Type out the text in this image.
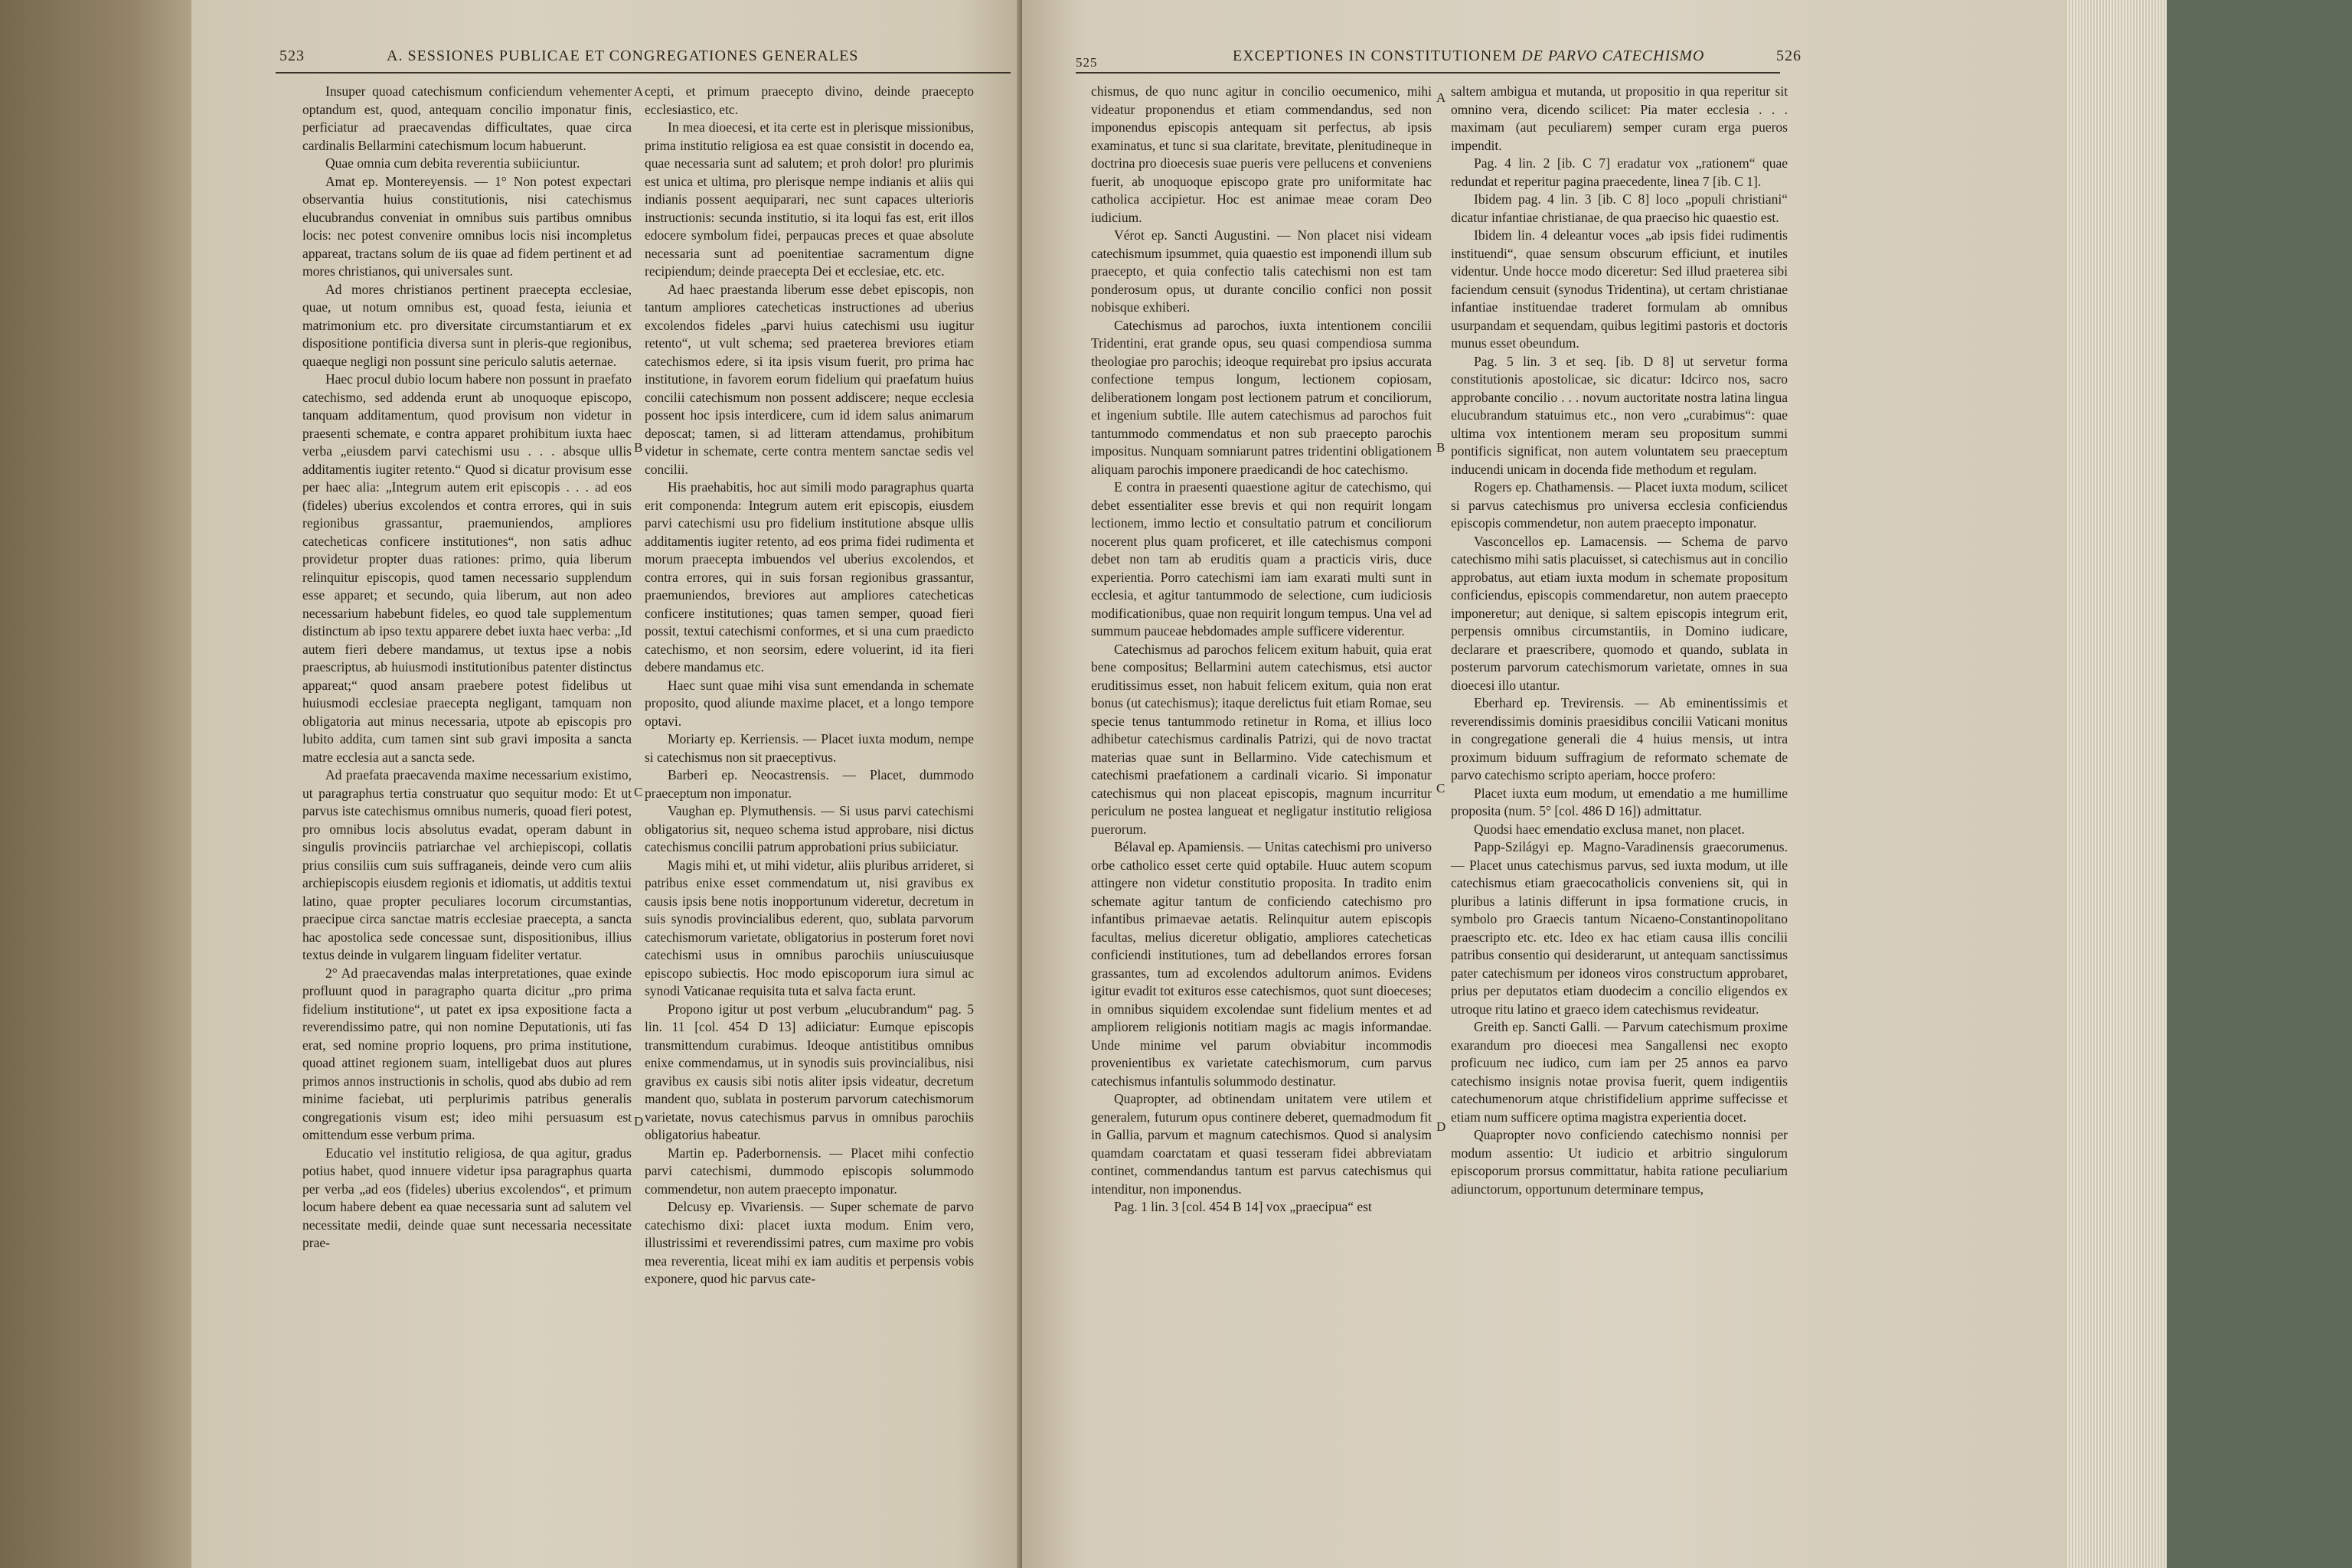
523	A. SESSIONES PUBLICAE ET CONGREGATIONES GENERALES

Insuper quoad catechismum conficiendum vehementer optandum est, quod, antequam concilio imponatur finis, perficiatur ad praecavendas difficultates, quae circa cardinalis Bellarmini catechismum locum habuerunt.

Quae omnia cum debita reverentia subiiciuntur.

Amat ep. Montereyensis. — 1° Non potest expectari observantia huius constitutionis, nisi catechismus elucubrandus conveniat in omnibus suis partibus omnibus locis: nec potest convenire omnibus locis nisi incompletus appareat, tractans solum de iis quae ad fidem pertinent et ad mores christianos, qui universales sunt.

Ad mores christianos pertinent praecepta ecclesiae, quae, ut notum omnibus est, quoad festa, ieiunia et matrimonium etc. pro diversitate circumstantiarum et ex dispositione pontificia diversa sunt in pleris-que regionibus, quaeque negligi non possunt sine periculo salutis aeternae.

Haec procul dubio locum habere non possunt in praefato catechismo, sed addenda erunt ab unoquoque episcopo, tanquam additamentum, quod provisum non videtur in praesenti schemate, e contra apparet prohibitum iuxta haec verba „eiusdem parvi catechismi usu . . . absque ullis additamentis iugiter retento.“ Quod si dicatur provisum esse per haec alia: „Integrum autem erit episcopis . . . ad eos (fideles) uberius excolendos et contra errores, qui in suis regionibus grassantur, praemuniendos, ampliores catecheticas conficere institutiones“, non satis adhuc providetur propter duas rationes: primo, quia liberum relinquitur episcopis, quod tamen necessario supplendum esse apparet; et secundo, quia liberum, aut non adeo necessarium habebunt fideles, eo quod tale supplementum distinctum ab ipso textu apparere debet iuxta haec verba: „Id autem fieri debere mandamus, ut textus ipse a nobis praescriptus, ab huiusmodi institutionibus patenter distinctus appareat;“ quod ansam praebere potest fidelibus ut huiusmodi ecclesiae praecepta negligant, tamquam non obligatoria aut minus necessaria, utpote ab episcopis pro lubito addita, cum tamen sint sub gravi imposita a sancta matre ecclesia aut a sancta sede.

Ad praefata praecavenda maxime necessarium existimo, ut paragraphus tertia construatur quo sequitur modo: Et ut parvus iste catechismus omnibus numeris, quoad fieri potest, pro omnibus locis absolutus evadat, operam dabunt in singulis provinciis patriarchae vel archiepiscopi, collatis prius consiliis cum suis suffraganeis, deinde vero cum aliis archiepiscopis eiusdem regionis et idiomatis, ut additis textui latino, quae propter peculiares locorum circumstantias, praecipue circa sanctae matris ecclesiae praecepta, a sancta hac apostolica sede concessae sunt, dispositionibus, illius textus deinde in vulgarem linguam fideliter vertatur.

2° Ad praecavendas malas interpretationes, quae exinde profluunt quod in paragrapho quarta dicitur „pro prima fidelium institutione“, ut patet ex ipsa expositione facta a reverendissimo patre, qui non nomine Deputationis, uti fas erat, sed nomine proprio loquens, pro prima institutione, quoad attinet regionem suam, intelligebat duos aut plures primos annos instructionis in scholis, quod abs dubio ad rem minime faciebat, uti perplurimis patribus generalis congregationis visum est; ideo mihi persuasum est omittendum esse verbum prima.

Educatio vel institutio religiosa, de qua agitur, gradus potius habet, quod innuere videtur ipsa paragraphus quarta per verba „ad eos (fideles) uberius excolendos“, et primum locum habere debent ea quae necessaria sunt ad salutem vel necessitate medii, deinde quae sunt necessaria necessitate prae-

cepti, et primum praecepto divino, deinde praecepto ecclesiastico, etc.

In mea dioecesi, et ita certe est in plerisque missionibus, prima institutio religiosa ea est quae consistit in docendo ea, quae necessaria sunt ad salutem; et proh dolor! pro plurimis est unica et ultima, pro plerisque nempe indianis et aliis qui indianis possent aequiparari, nec sunt capaces ulterioris instructionis: secunda institutio, si ita loqui fas est, erit illos edocere symbolum fidei, perpaucas preces et quae absolute necessaria sunt ad poenitentiae sacramentum digne recipiendum; deinde praecepta Dei et ecclesiae, etc. etc.

Ad haec praestanda liberum esse debet episcopis, non tantum ampliores catecheticas instructiones ad uberius excolendos fideles „parvi huius catechismi usu iugitur retento“, ut vult schema; sed praeterea breviores etiam catechismos edere, si ita ipsis visum fuerit, pro prima hac institutione, in favorem eorum fidelium qui praefatum huius concilii catechismum non possent addiscere; neque ecclesia possent hoc ipsis interdicere, cum id idem salus animarum deposcat; tamen, si ad litteram attendamus, prohibitum videtur in schemate, certe contra mentem sanctae sedis vel concilii.

His praehabitis, hoc aut simili modo paragraphus quarta erit componenda: Integrum autem erit episcopis, eiusdem parvi catechismi usu pro fidelium institutione absque ullis additamentis iugiter retento, ad eos prima fidei rudimenta et morum praecepta imbuendos vel uberius excolendos, et contra errores, qui in suis forsan regionibus grassantur, praemuniendos, breviores aut ampliores catecheticas conficere institutiones; quas tamen semper, quoad fieri possit, textui catechismi conformes, et si una cum praedicto catechismo, et non seorsim, edere voluerint, id ita fieri debere mandamus etc.

Haec sunt quae mihi visa sunt emendanda in schemate proposito, quod aliunde maxime placet, et a longo tempore optavi.

Moriarty ep. Kerriensis. — Placet iuxta modum, nempe si catechismus non sit praeceptivus.

Barberi ep. Neocastrensis. — Placet, dummodo praeceptum non imponatur.

Vaughan ep. Plymuthensis. — Si usus parvi catechismi obligatorius sit, nequeo schema istud approbare, nisi dictus catechismus concilii patrum approbationi prius subiiciatur.

Magis mihi et, ut mihi videtur, aliis pluribus arrideret, si patribus enixe esset commendatum ut, nisi gravibus ex causis ipsis bene notis inopportunum videretur, decretum in suis synodis provincialibus ederent, quo, sublata parvorum catechismorum varietate, obligatorius in posterum foret novi catechismi usus in omnibus parochiis uniuscuiusque episcopo subiectis. Hoc modo episcoporum iura simul ac synodi Vaticanae requisita tuta et salva facta erunt.

Propono igitur ut post verbum „elucubrandum“ pag. 5 lin. 11 [col. 454 D 13] adiiciatur: Eumque episcopis transmittendum curabimus. Ideoque antistitibus omnibus enixe commendamus, ut in synodis suis provincialibus, nisi gravibus ex causis sibi notis aliter ipsis videatur, decretum mandent quo, sublata in posterum parvorum catechismorum varietate, novus catechismus parvus in omnibus parochiis obligatorius habeatur.

Martin ep. Paderbornensis. — Placet mihi confectio parvi catechismi, dummodo episcopis solummodo commendetur, non autem praecepto imponatur.

Delcusy ep. Vivariensis. — Super schemate de parvo catechismo dixi: placet iuxta modum. Enim vero, illustrissimi et reverendissimi patres, cum maxime pro vobis mea reverentia, liceat mihi ex iam auditis et perpensis vobis exponere, quod hic parvus cate-

A
B
C
D
525	EXCEPTIONES IN CONSTITUTIONEM DE PARVO CATECHISMO	526

chismus, de quo nunc agitur in concilio oecumenico, mihi videatur proponendus et etiam commendandus, sed non imponendus episcopis antequam sit perfectus, ab ipsis examinatus, et tunc si sua claritate, brevitate, plenitudineque in doctrina pro dioecesis suae pueris vere pellucens et conveniens fuerit, ab unoquoque episcopo grate pro uniformitate hac catholica accipietur. Hoc est animae meae coram Deo iudicium.

Vérot ep. Sancti Augustini. — Non placet nisi videam catechismum ipsummet, quia quaestio est imponendi illum sub praecepto, et quia confectio talis catechismi non est tam ponderosum opus, ut durante concilio confici non possit nobisque exhiberi.

Catechismus ad parochos, iuxta intentionem concilii Tridentini, erat grande opus, seu quasi compendiosa summa theologiae pro parochis; ideoque requirebat pro ipsius accurata confectione tempus longum, lectionem copiosam, deliberationem longam post lectionem patrum et conciliorum, et ingenium subtile. Ille autem catechismus ad parochos fuit tantummodo commendatus et non sub praecepto parochis impositus. Nunquam somniarunt patres tridentini obligationem aliquam parochis imponere praedicandi de hoc catechismo.

E contra in praesenti quaestione agitur de catechismo, qui debet essentialiter esse brevis et qui non requirit longam lectionem, immo lectio et consultatio patrum et conciliorum nocerent plus quam proficeret, et ille catechismus componi debet non tam ab eruditis quam a practicis viris, duce experientia. Porro catechismi iam iam exarati multi sunt in ecclesia, et agitur tantummodo de selectione, cum iudiciosis modificationibus, quae non requirit longum tempus. Una vel ad summum pauceae hebdomades ample sufficere viderentur.

Catechismus ad parochos felicem exitum habuit, quia erat bene compositus; Bellarmini autem catechismus, etsi auctor eruditissimus esset, non habuit felicem exitum, quia non erat bonus (ut catechismus); itaque derelictus fuit etiam Romae, seu specie tenus tantummodo retinetur in Roma, et illius loco adhibetur catechismus cardinalis Patrizi, qui de novo tractat materias quae sunt in Bellarmino. Vide catechismum et catechismi praefationem a cardinali vicario. Si imponatur catechismus qui non placeat episcopis, magnum incurritur periculum ne postea langueat et negligatur institutio religiosa puerorum.

Bélaval ep. Apamiensis. — Unitas catechismi pro universo orbe catholico esset certe quid optabile. Huuc autem scopum attingere non videtur constitutio proposita. In tradito enim schemate agitur tantum de conficiendo catechismo pro infantibus primaevae aetatis. Relinquitur autem episcopis facultas, melius diceretur obligatio, ampliores catecheticas conficiendi institutiones, tum ad debellandos errores forsan grassantes, tum ad excolendos adultorum animos. Evidens igitur evadit tot exituros esse catechismos, quot sunt dioeceses; in omnibus siquidem excolendae sunt fidelium mentes et ad ampliorem religionis notitiam magis ac magis informandae. Unde minime vel parum obviabitur incommodis provenientibus ex varietate catechismorum, cum parvus catechismus infantulis solummodo destinatur.

Quapropter, ad obtinendam unitatem vere utilem et generalem, futurum opus continere deberet, quemadmodum fit in Gallia, parvum et magnum catechismos. Quod si analysim quamdam coarctatam et quasi tesseram fidei abbreviatam continet, commendandus tantum est parvus catechismus qui intenditur, non imponendus.

Pag. 1 lin. 3 [col. 454 B 14] vox „praecipua“ est

saltem ambigua et mutanda, ut propositio in qua reperitur sit omnino vera, dicendo scilicet: Pia mater ecclesia . . . maximam (aut peculiarem) semper curam erga pueros impendit.

Pag. 4 lin. 2 [ib. C 7] eradatur vox „rationem“ quae redundat et reperitur pagina praecedente, linea 7 [ib. C 1].

Ibidem pag. 4 lin. 3 [ib. C 8] loco „populi christiani“ dicatur infantiae christianae, de qua praeciso hic quaestio est.

Ibidem lin. 4 deleantur voces „ab ipsis fidei rudimentis instituendi“, quae sensum obscurum efficiunt, et inutiles videntur. Unde hocce modo diceretur: Sed illud praeterea sibi faciendum censuit (synodus Tridentina), ut certam christianae infantiae instituendae traderet formulam ab omnibus usurpandam et sequendam, quibus legitimi pastoris et doctoris munus esset obeundum.

Pag. 5 lin. 3 et seq. [ib. D 8] ut servetur forma constitutionis apostolicae, sic dicatur: Idcirco nos, sacro approbante concilio . . . novum auctoritate nostra latina lingua elucubrandum statuimus etc., non vero „curabimus“: quae ultima vox intentionem meram seu propositum summi pontificis significat, non autem voluntatem seu praeceptum inducendi unicam in docenda fide methodum et regulam.

Rogers ep. Chathamensis. — Placet iuxta modum, scilicet si parvus catechismus pro universa ecclesia conficiendus episcopis commendetur, non autem praecepto imponatur.

Vasconcellos ep. Lamacensis. — Schema de parvo catechismo mihi satis placuisset, si catechismus aut in concilio approbatus, aut etiam iuxta modum in schemate propositum conficiendus, episcopis commendaretur, non autem praecepto imponeretur; aut denique, si saltem episcopis integrum erit, perpensis omnibus circumstantiis, in Domino iudicare, declarare et praescribere, quomodo et quando, sublata in posterum parvorum catechismorum varietate, omnes in sua dioecesi illo utantur.

Eberhard ep. Trevirensis. — Ab eminentissimis et reverendissimis dominis praesidibus concilii Vaticani monitus in congregatione generali die 4 huius mensis, ut intra proximum biduum suffragium de reformato schemate de parvo catechismo scripto aperiam, hocce profero:

Placet iuxta eum modum, ut emendatio a me humillime proposita (num. 5° [col. 486 D 16]) admittatur.

Quodsi haec emendatio exclusa manet, non placet.

Papp-Szilágyi ep. Magno-Varadinensis graecorumenus. — Placet unus catechismus parvus, sed iuxta modum, ut ille catechismus etiam graecocatholicis conveniens sit, qui in pluribus a latinis differunt in ipsa formatione crucis, in symbolo pro Graecis tantum Nicaeno-Constantinopolitano praescripto etc. etc. Ideo ex hac etiam causa illis concilii patribus consentio qui desiderarunt, ut antequam sanctissimus pater catechismum per idoneos viros constructum approbaret, prius per deputatos etiam duodecim a concilio eligendos ex utroque ritu latino et graeco idem catechismus revideatur.

Greith ep. Sancti Galli. — Parvum catechismum proxime exarandum pro dioecesi mea Sangallensi nec exopto proficuum nec iudico, cum iam per 25 annos ea parvo catechismo insignis notae provisa fuerit, quem indigentiis catechumenorum atque christifidelium apprime suffecisse et etiam num sufficere optima magistra experientia docet.

Quapropter novo conficiendo catechismo nonnisi per modum assentio: Ut iudicio et arbitrio singulorum episcoporum prorsus committatur, habita ratione peculiarium adiunctorum, opportunum determinare tempus,

A
B
C
D
